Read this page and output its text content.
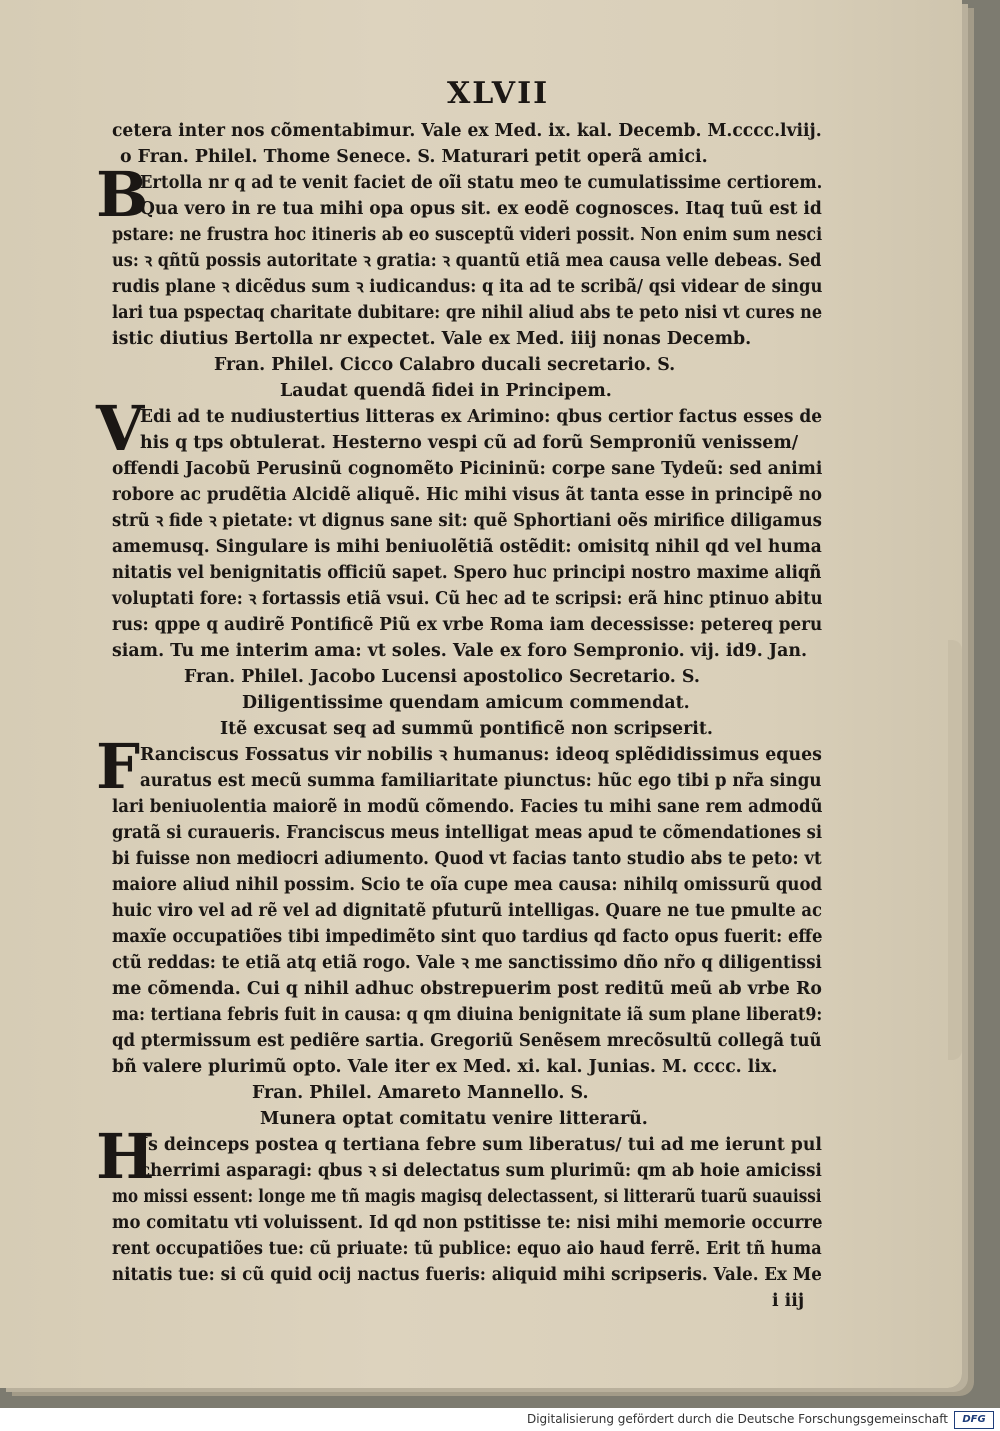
XLVII
cetera inter nos cõmentabimur. Vale ex Med. ix. kal. Decemb. M.cccc.lviij.
o Fran. Philel. Thome Senece. S. Maturari petit operã amici.
B
Ertolla nr q ad te venit faciet de oĩi statu meo te cumulatissime certiorem.
Qua vero in re tua mihi opa opus sit. ex eodẽ cognosces. Itaq tuũ est id
pstare: ne frustra hoc itineris ab eo susceptũ videri possit. Non enim sum nesci
us: ꝛ qñtũ possis autoritate ꝛ gratia: ꝛ quantũ etiã mea causa velle debeas. Sed
rudis plane ꝛ dicẽdus sum ꝛ iudicandus: q ita ad te scribã/ qsi videar de singu
lari tua pspectaq charitate dubitare: qre nihil aliud abs te peto nisi vt cures ne
istic diutius Bertolla nr expectet. Vale ex Med. iiij nonas Decemb.
Fran. Philel. Cicco Calabro ducali secretario. S.
Laudat quendã fidei in Principem.
V
Edi ad te nudiustertius litteras ex Arimino: qbus certior factus esses de
his q tps obtulerat. Hesterno vespi cũ ad forũ Semproniũ venissem/
offendi Jacobũ Perusinũ cognomẽto Picininũ: corpe sane Tydeũ: sed animi
robore ac prudẽtia Alcidẽ aliquẽ. Hic mihi visus ãt tanta esse in principẽ no
strũ ꝛ fide ꝛ pietate: vt dignus sane sit: quẽ Sphortiani oẽs mirifice diligamus
amemusq. Singulare is mihi beniuolẽtiã ostẽdit: omisitq nihil qd vel huma
nitatis vel benignitatis officiũ sapet. Spero huc principi nostro maxime aliqñ
voluptati fore: ꝛ fortassis etiã vsui. Cũ hec ad te scripsi: erã hinc ptinuo abitu
rus: qppe q audirẽ Pontificẽ Piũ ex vrbe Roma iam decessisse: petereq peru
siam. Tu me interim ama: vt soles. Vale ex foro Sempronio. vij. id9. Jan.
Fran. Philel. Jacobo Lucensi apostolico Secretario. S.
Diligentissime quendam amicum commendat.
Itẽ excusat seq ad summũ pontificẽ non scripserit.
F Ranciscus Fossatus vir nobilis ꝛ humanus: ideoq splẽdidissimus eques
auratus est mecũ summa familiaritate piunctus: hũc ego tibi p nr̃a singu
lari beniuolentia maiorẽ in modũ cõmendo. Facies tu mihi sane rem admodũ
gratã si curaueris. Franciscus meus intelligat meas apud te cõmendationes si
bi fuisse non mediocri adiumento. Quod vt facias tanto studio abs te peto: vt
maiore aliud nihil possim. Scio te oĩa cupe mea causa: nihilq omissurũ quod
huic viro vel ad rẽ vel ad dignitatẽ pfuturũ intelligas. Quare ne tue pmulte ac
maxĩe occupatiões tibi impedimẽto sint quo tardius qd facto opus fuerit: effe
ctũ reddas: te etiã atq etiã rogo. Vale ꝛ me sanctissimo dño nr̃o q diligentissi
me cõmenda. Cui q nihil adhuc obstrepuerim post reditũ meũ ab vrbe Ro
ma: tertiana febris fuit in causa: q qm diuina benignitate iã sum plane liberat9:
qd ptermissum est pediẽre sartia. Gregoriũ Senẽsem mrecõsultũ collegã tuũ
bñ valere plurimũ opto. Vale iter ex Med. xi. kal. Junias. M. cccc. lix.
Fran. Philel. Amareto Mannello. S.
Munera optat comitatu venire litterarũ.
H
Js deinceps postea q tertiana febre sum liberatus/ tui ad me ierunt pul
cherrimi asparagi: qbus ꝛ si delectatus sum plurimũ: qm ab hoie amicissi
mo missi essent: longe me tñ magis magisq delectassent, si litterarũ tuarũ suauissi
mo comitatu vti voluissent. Id qd non pstitisse te: nisi mihi memorie occurre
rent occupatiões tue: cũ priuate: tũ publice: equo aio haud ferrẽ. Erit tñ huma
nitatis tue: si cũ quid ocij nactus fueris: aliquid mihi scripseris. Vale. Ex Me
i iij
Digitalisierung gefördert durch die Deutsche Forschungsgemeinschaft	DFG
